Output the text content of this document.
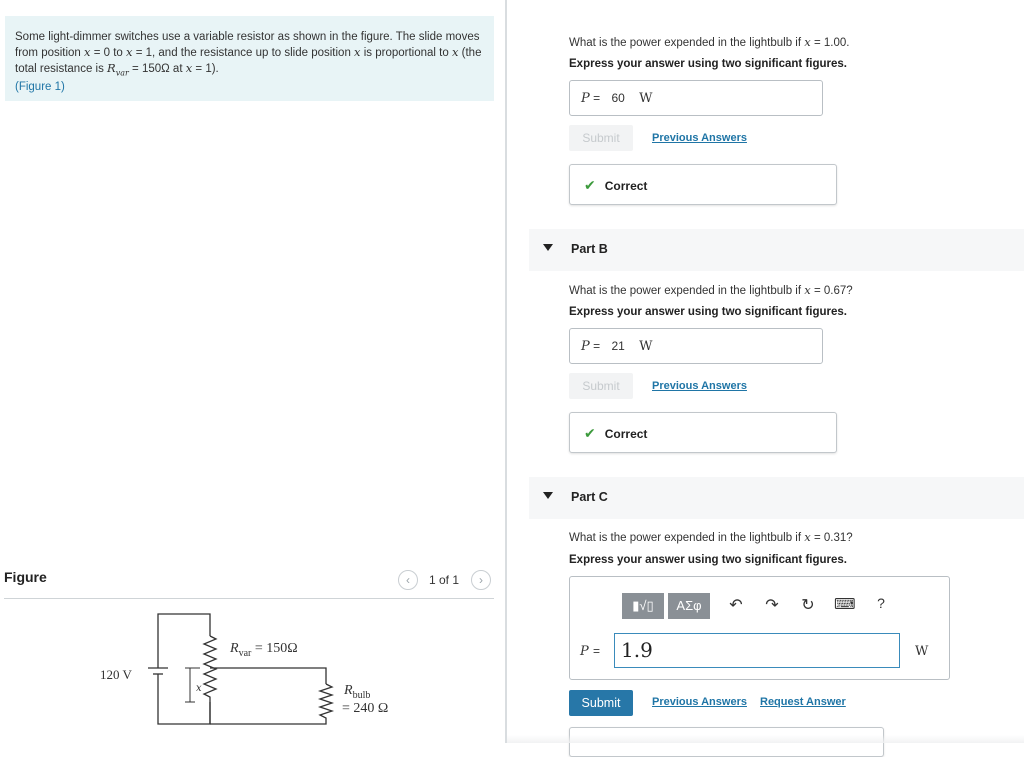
Some light-dimmer switches use a variable resistor as shown in the figure. The slide moves from position x = 0 to x = 1, and the resistance up to slide position x is proportional to x (the total resistance is $R_{var} = 150\Omega$ at x = 1).
(Figure 1)
Figure	‹	1 of 1	›
120 V
x
$R_{var} = 150\Omega$
$R_{bulb}$
= 240 Ω
What is the power expended in the lightbulb if x = 1.00.
Express your answer using two significant figures.
P = 60 W
Submit	Previous Answers
✔ Correct
Part B
What is the power expended in the lightbulb if x = 0.67?
Express your answer using two significant figures.
P = 21 W
Submit	Previous Answers
✔ Correct
Part C
What is the power expended in the lightbulb if x = 0.31?
Express your answer using two significant figures.
▮√▯	ΑΣφ	↶ ↷ ↻ ⌨	?
P =	1.9	W
Submit	Previous Answers Request Answer
